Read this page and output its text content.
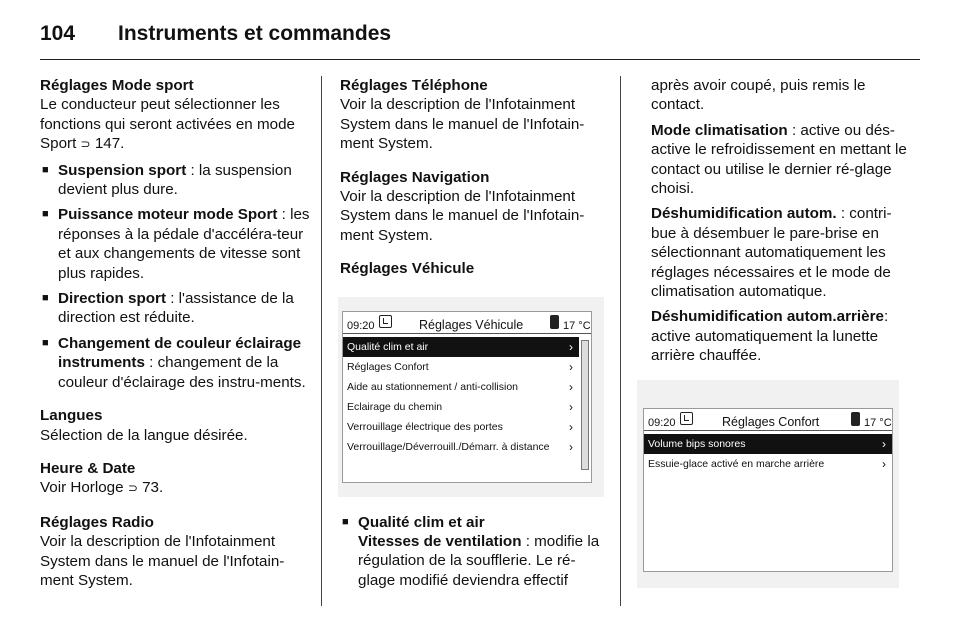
104 Instruments et commandes
Réglages Mode sport

Le conducteur peut sélectionner les fonctions qui seront activées en mode Sport ⊃ 147.

■ Suspension sport : la suspension devient plus dure.
■ Puissance moteur mode Sport : les réponses à la pédale d'accéléra-teur et aux changements de vitesse sont plus rapides.
■ Direction sport : l'assistance de la direction est réduite.
■ Changement de couleur éclairage instruments : changement de la couleur d'éclairage des instru-ments.
Langues

Sélection de la langue désirée.

Heure & Date

Voir Horloge ⊃ 73.

Réglages Radio

Voir la description de l'Infotainment System dans le manuel de l'Infotain-ment System.

Réglages Téléphone

Voir la description de l'Infotainment System dans le manuel de l'Infotain-ment System.

Réglages Navigation

Voir la description de l'Infotainment System dans le manuel de l'Infotain-ment System.

Réglages Véhicule
09:20	Réglages Véhicule	17 °C
Qualité clim et air	›
Réglages Confort	›
Aide au stationnement / anti-collision	›
Eclairage du chemin	›
Verrouillage électrique des portes	›
Verrouillage/Déverrouill./Démarr. à distance ›
■ Qualité clim et air

Vitesses de ventilation : modifie la régulation de la soufflerie. Le ré-glage modifié deviendra effectif

après avoir coupé, puis remis le contact.

Mode climatisation : active ou dés-active le refroidissement en mettant le contact ou utilise le dernier ré-glage choisi.

Déshumidification autom. : contri-bue à désembuer le pare-brise en sélectionnant automatiquement les réglages nécessaires et le mode de climatisation automatique.

Déshumidification autom.arrière: active automatiquement la lunette arrière chauffée.

09:20	Réglages Confort	17 °C
Volume bips sonores	›
Essuie-glace activé en marche arrière	›
